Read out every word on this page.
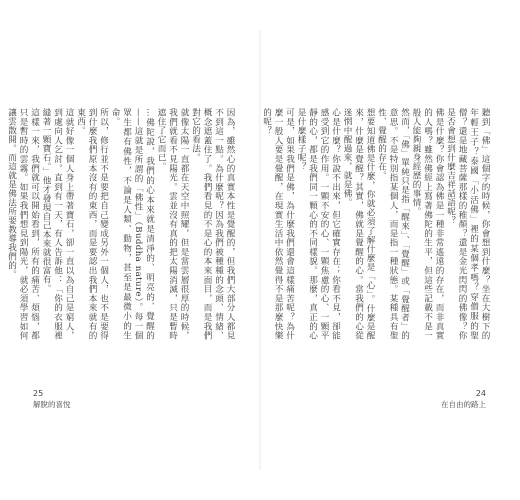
聽到「佛」這個字的時候，你會想到什麼？坐在大樹下的年輕王子？泰國「小活佛」裡的某個孝嗎？穿僧服的聖僧？還是地藏菩薩那樣的稚顏？還是金光閃閃的佛像？你是否會想到什麼吉祥話語呢？
佛是什麼？你會認為佛是一種非常遙遠的存在，而非真實的人嗎？雖然佛經上寫著佛陀的生平，但這些記載不是一般人能夠親身經歷的事情。
然而，「佛」單純只是指「醒來」、「覺醒」或「覺醒者」的意思。不是特別指某個人，而是指一種狀態。某種具有聖性、覺醒的存在。
想要知道佛是什麼，你就必須了解什麼是「心」。什麼是醒來，什麼是覺醒？其實，佛就是覺醒的心。當我們的心從迷惘中醒過來，就是佛。
心是什麼？你說不出來，但它確實存在；你看不見，卻能感受到它的作用。一顆不安的心、一顆焦慮的心、一顆平靜的心，都是我們同一顆心的不同樣貌。那麼，真正的心是什麼樣子呢？
可是，如果我們是佛，為什麼我們還會這樣痛苦呢？為什麼一般人要是覺醒，在現實生活中依然覺得不是那麼快樂的呢？
24
在自由的路上
因為，雖然心的真實本性是覺醒的，但我們大部分人都見不到這一點。為什麼呢？因為我們被種種的念頭、情緒、概念遮蓋住了。我們看見的不是心的本來面目，而是我們對它的看法。
就像太陽一直都在天空中照耀，但是當雲層很厚的時候，我們就看不見陽光。雲並沒有真的把太陽消滅，只是暫時遮住了它而已。
…佛陀說，我們的心本來就是清淨的、明亮的、覺醒的——這就是所謂的「佛性」（Buddha nature）。每一個眾生都有佛性，不論是人類、動物，甚至是最微小的生命。
所以，修行並不是要把自己變成另外一個人，也不是要得到什麼我們原本沒有的東西，而是要認出我們本來就有的東西。
這就好像一個人身上帶著寶石，卻一直以為自己是窮人，到處向人乞討。直到有一天，有人告訴他：「你的衣服裡縫著一顆寶石。」他才發現自己本來就很富有。
這樣一來，我們就可以開始看到，所有的痛苦、煩惱，都只是暫時的雲霧。如果我們想見到陽光，就必須學習如何讓雲散開。而這就是佛法所要教導我們的。
25
解脫的喜悅
